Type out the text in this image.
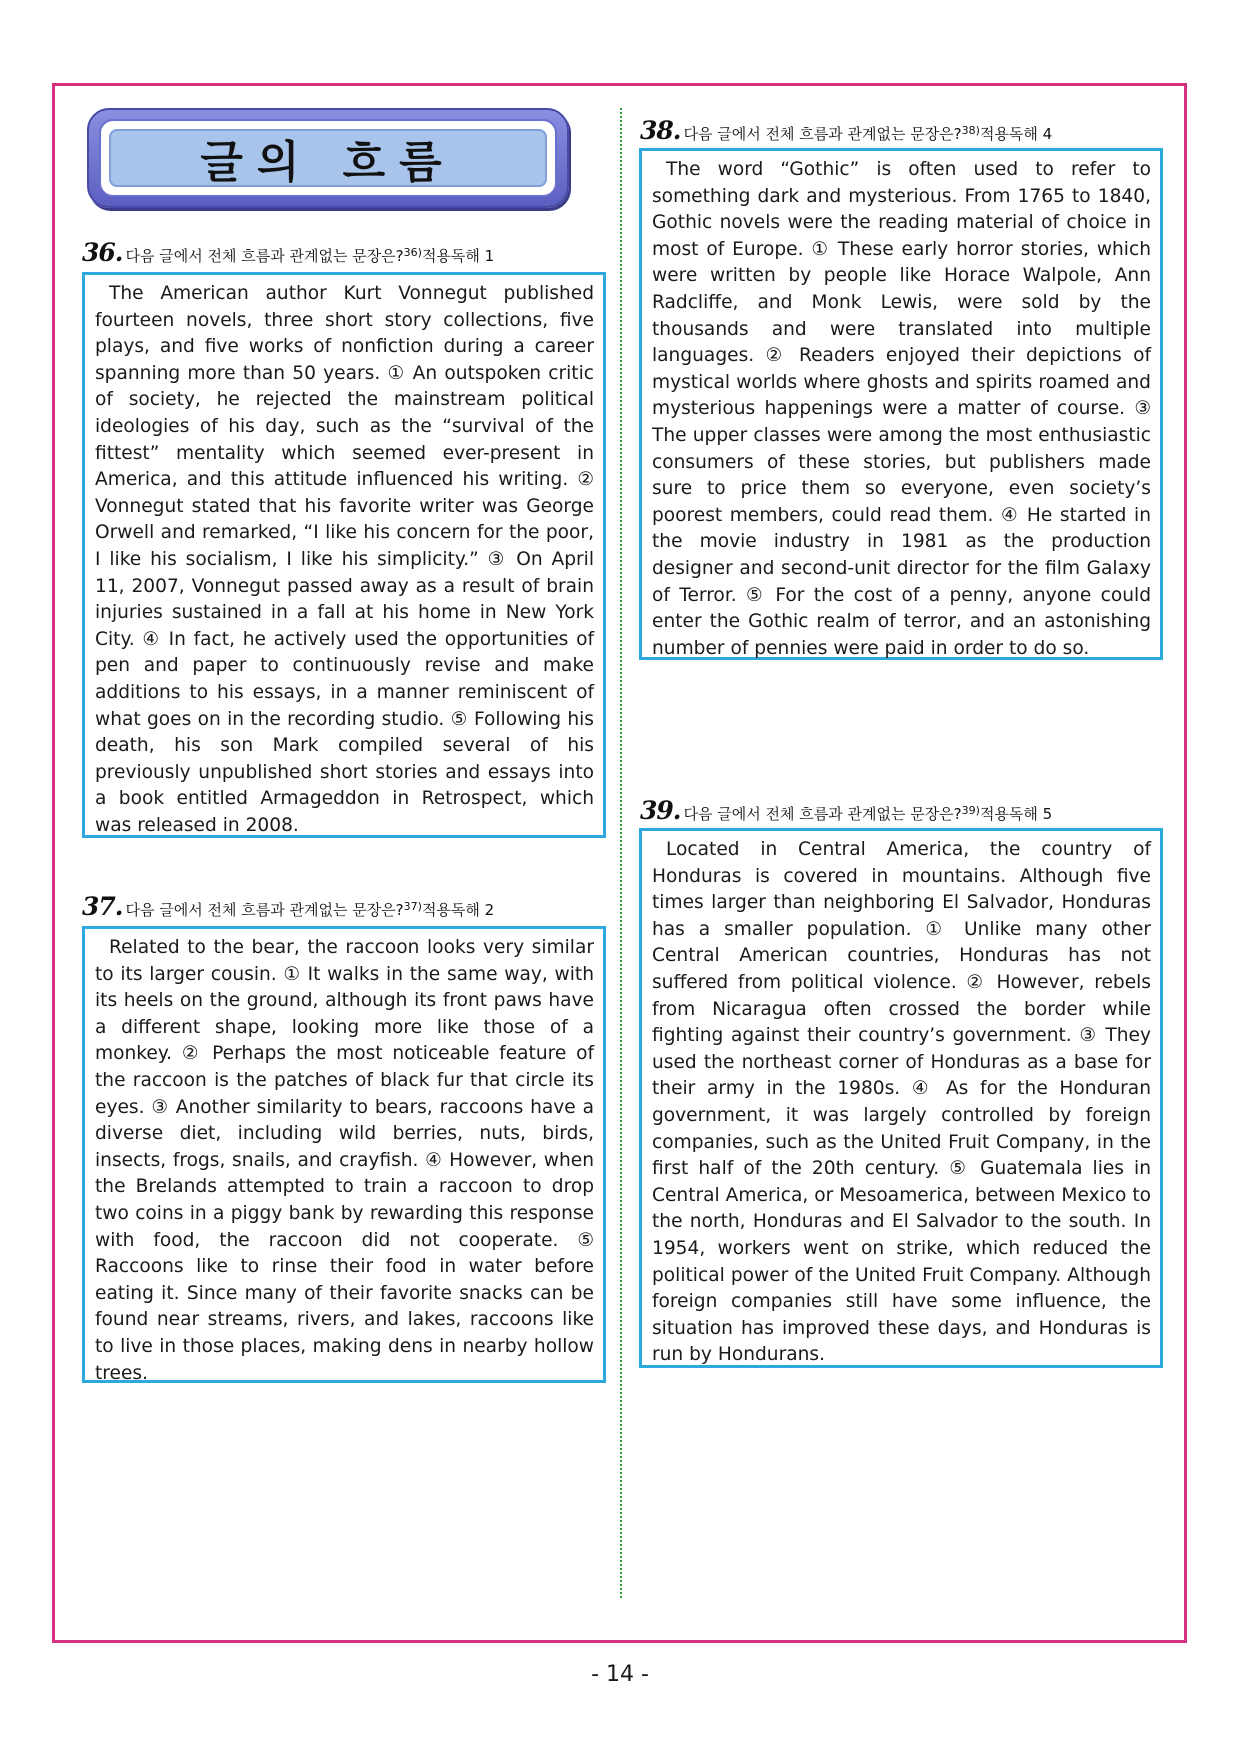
글의 흐름
36. 다음 글에서 전체 흐름과 관계없는 문장은?$^{36)}$적용독해 1

The American author Kurt Vonnegut published fourteen novels, three short story collections, five plays, and five works of nonfiction during a career spanning more than 50 years. ① An outspoken critic of society, he rejected the mainstream political ideologies of his day, such as the “survival of the fittest” mentality which seemed ever-present in America, and this attitude influenced his writing. ② Vonnegut stated that his favorite writer was George Orwell and remarked, “I like his concern for the poor, I like his socialism, I like his simplicity.” ③ On April 11, 2007, Vonnegut passed away as a result of brain injuries sustained in a fall at his home in New York City. ④ In fact, he actively used the opportunities of pen and paper to continuously revise and make additions to his essays, in a manner reminiscent of what goes on in the recording studio. ⑤ Following his death, his son Mark compiled several of his previously unpublished short stories and essays into a book entitled Armageddon in Retrospect, which was released in 2008.

37. 다음 글에서 전체 흐름과 관계없는 문장은?$^{37)}$적용독해 2

Related to the bear, the raccoon looks very similar to its larger cousin. ① It walks in the same way, with its heels on the ground, although its front paws have a different shape, looking more like those of a monkey. ② Perhaps the most noticeable feature of the raccoon is the patches of black fur that circle its eyes. ③ Another similarity to bears, raccoons have a diverse diet, including wild berries, nuts, birds, insects, frogs, snails, and crayfish. ④ However, when the Brelands attempted to train a raccoon to drop two coins in a piggy bank by rewarding this response with food, the raccoon did not cooperate. ⑤ Raccoons like to rinse their food in water before eating it. Since many of their favorite snacks can be found near streams, rivers, and lakes, raccoons like to live in those places, making dens in nearby hollow trees.

38. 다음 글에서 전체 흐름과 관계없는 문장은?$^{38)}$적용독해 4

The word “Gothic” is often used to refer to something dark and mysterious. From 1765 to 1840, Gothic novels were the reading material of choice in most of Europe. ① These early horror stories, which were written by people like Horace Walpole, Ann Radcliffe, and Monk Lewis, were sold by the thousands and were translated into multiple languages. ② Readers enjoyed their depictions of mystical worlds where ghosts and spirits roamed and mysterious happenings were a matter of course. ③ The upper classes were among the most enthusiastic consumers of these stories, but publishers made sure to price them so everyone, even society’s poorest members, could read them. ④ He started in the movie industry in 1981 as the production designer and second-unit director for the film Galaxy of Terror. ⑤ For the cost of a penny, anyone could enter the Gothic realm of terror, and an astonishing number of pennies were paid in order to do so.

39. 다음 글에서 전체 흐름과 관계없는 문장은?$^{39)}$적용독해 5

Located in Central America, the country of Honduras is covered in mountains. Although five times larger than neighboring El Salvador, Honduras has a smaller population. ① Unlike many other Central American countries, Honduras has not suffered from political violence. ② However, rebels from Nicaragua often crossed the border while fighting against their country’s government. ③ They used the northeast corner of Honduras as a base for their army in the 1980s. ④ As for the Honduran government, it was largely controlled by foreign companies, such as the United Fruit Company, in the first half of the 20th century. ⑤ Guatemala lies in Central America, or Mesoamerica, between Mexico to the north, Honduras and El Salvador to the south. In 1954, workers went on strike, which reduced the political power of the United Fruit Company. Although foreign companies still have some influence, the situation has improved these days, and Honduras is run by Hondurans.

- 14 -
